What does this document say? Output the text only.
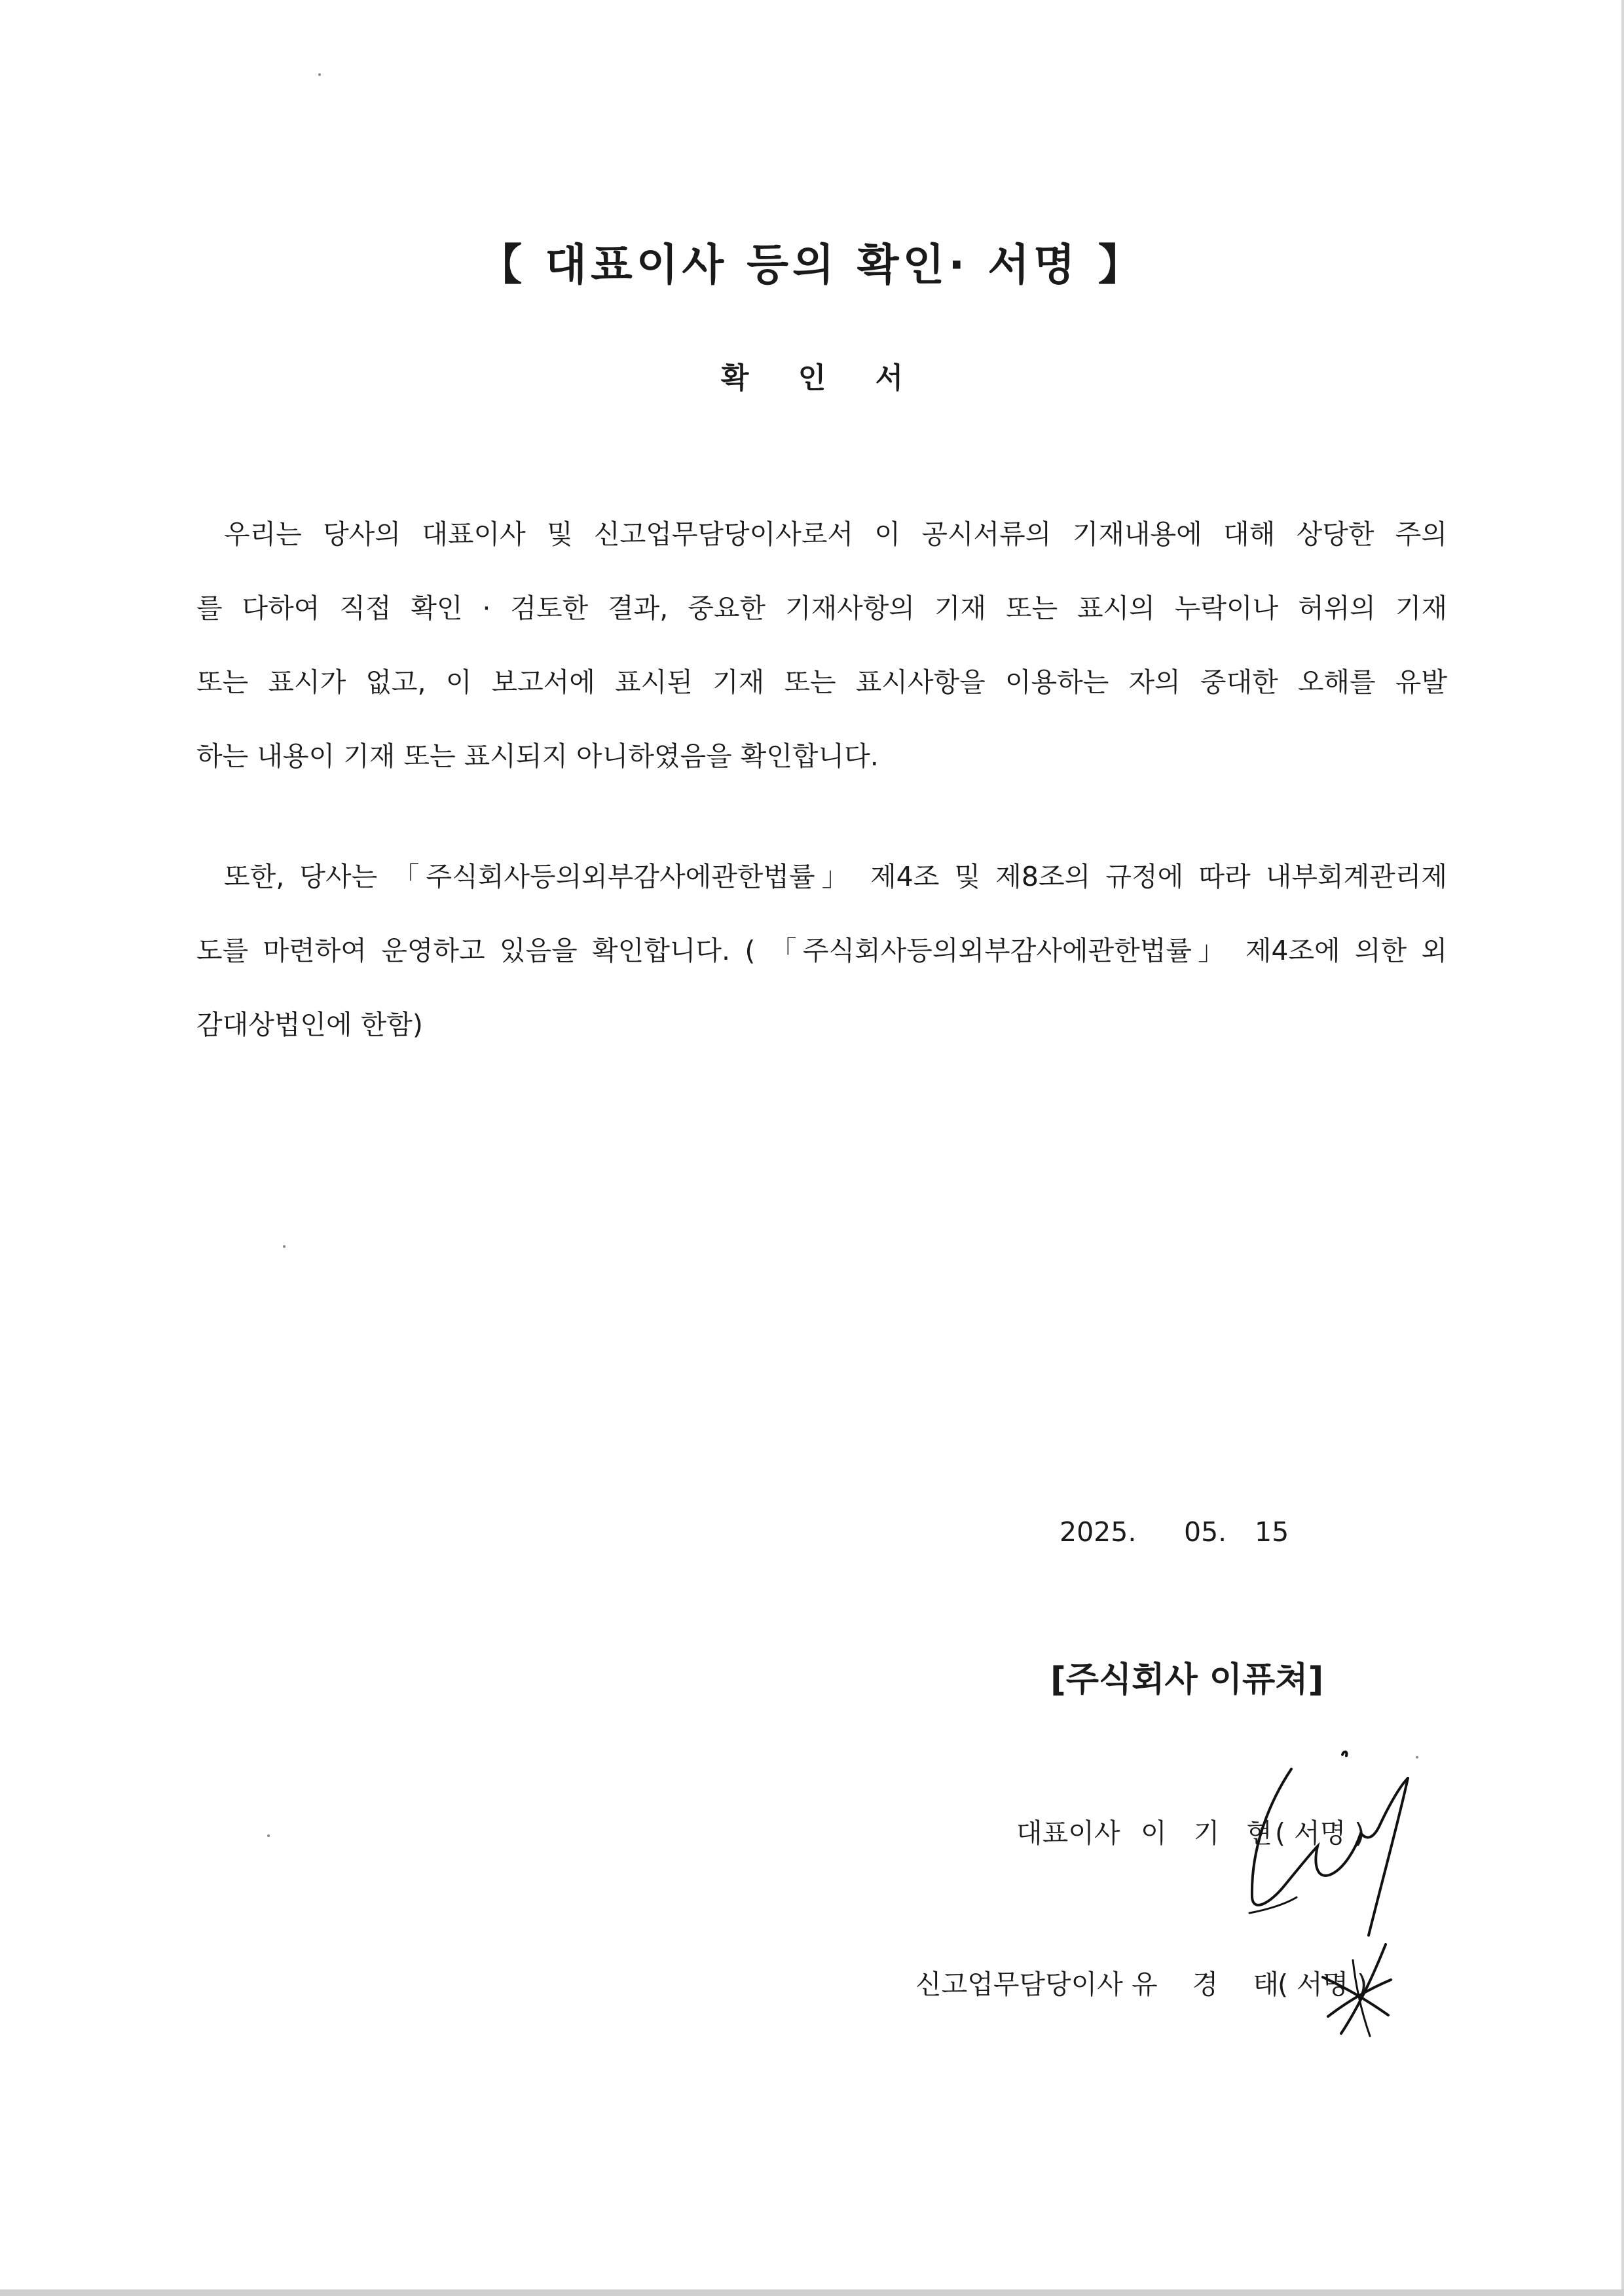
【 대표이사 등의 확인· 서명 】
확 인 서
우리는 당사의 대표이사 및 신고업무담당이사로서 이 공시서류의 기재내용에 대해 상당한 주의
를 다하여 직접 확인 · 검토한 결과, 중요한 기재사항의 기재 또는 표시의 누락이나 허위의 기재
또는 표시가 없고, 이 보고서에 표시된 기재 또는 표시사항을 이용하는 자의 중대한 오해를 유발
하는 내용이 기재 또는 표시되지 아니하였음을 확인합니다.
또한, 당사는 「주식회사등의외부감사에관한법률」 제4조 및 제8조의 규정에 따라 내부회계관리제
도를 마련하여 운영하고 있음을 확인합니다. ( 「주식회사등의외부감사에관한법률」 제4조에 의한 외
감대상법인에 한함)
2025. 05. 15
[주식회사 이퓨쳐]
대표이사 이 기 현( 서명 )
신고업무담당이사 유 경 태( 서명 )
